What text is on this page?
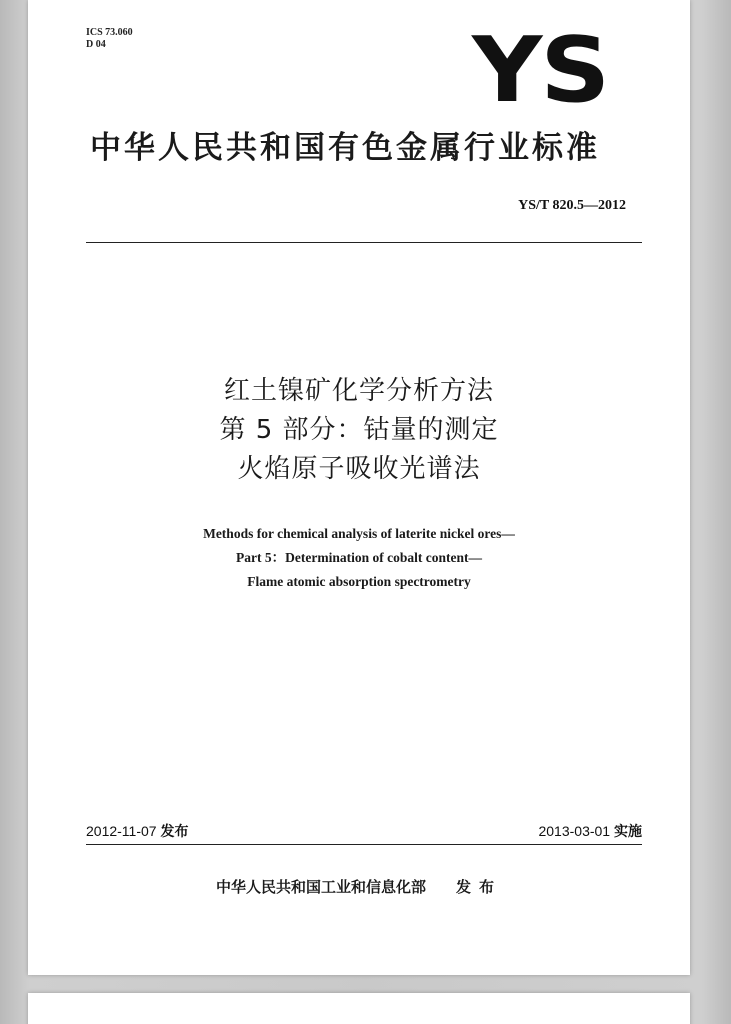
ICS 73.060
D 04	YS
中华人民共和国有色金属行业标准
YS/T 820.5—2012
红土镍矿化学分析方法
第 5 部分：钴量的测定
火焰原子吸收光谱法
Methods for chemical analysis of laterite nickel ores—
Part 5：Determination of cobalt content—
Flame atomic absorption spectrometry
2012-11-07 发布	2013-03-01 实施
中华人民共和国工业和信息化部 发布
